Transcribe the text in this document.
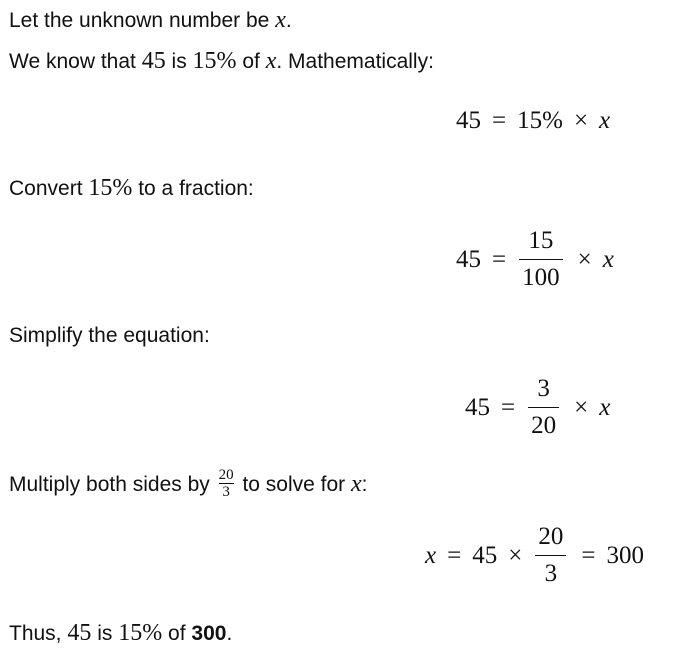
Let the unknown number be x.
We know that 45 is 15% of x. Mathematically:
45 = 15% × x
Convert 15% to a fraction:
$45 = \frac{15}{100} \times x$
Simplify the equation:
$45 = \frac{3}{20} \times x$
Multiply both sides by $\frac{20}{3}$ to solve for x:
$x = 45 \times \frac{20}{3} = 300$
Thus, 45 is 15% of 300.
